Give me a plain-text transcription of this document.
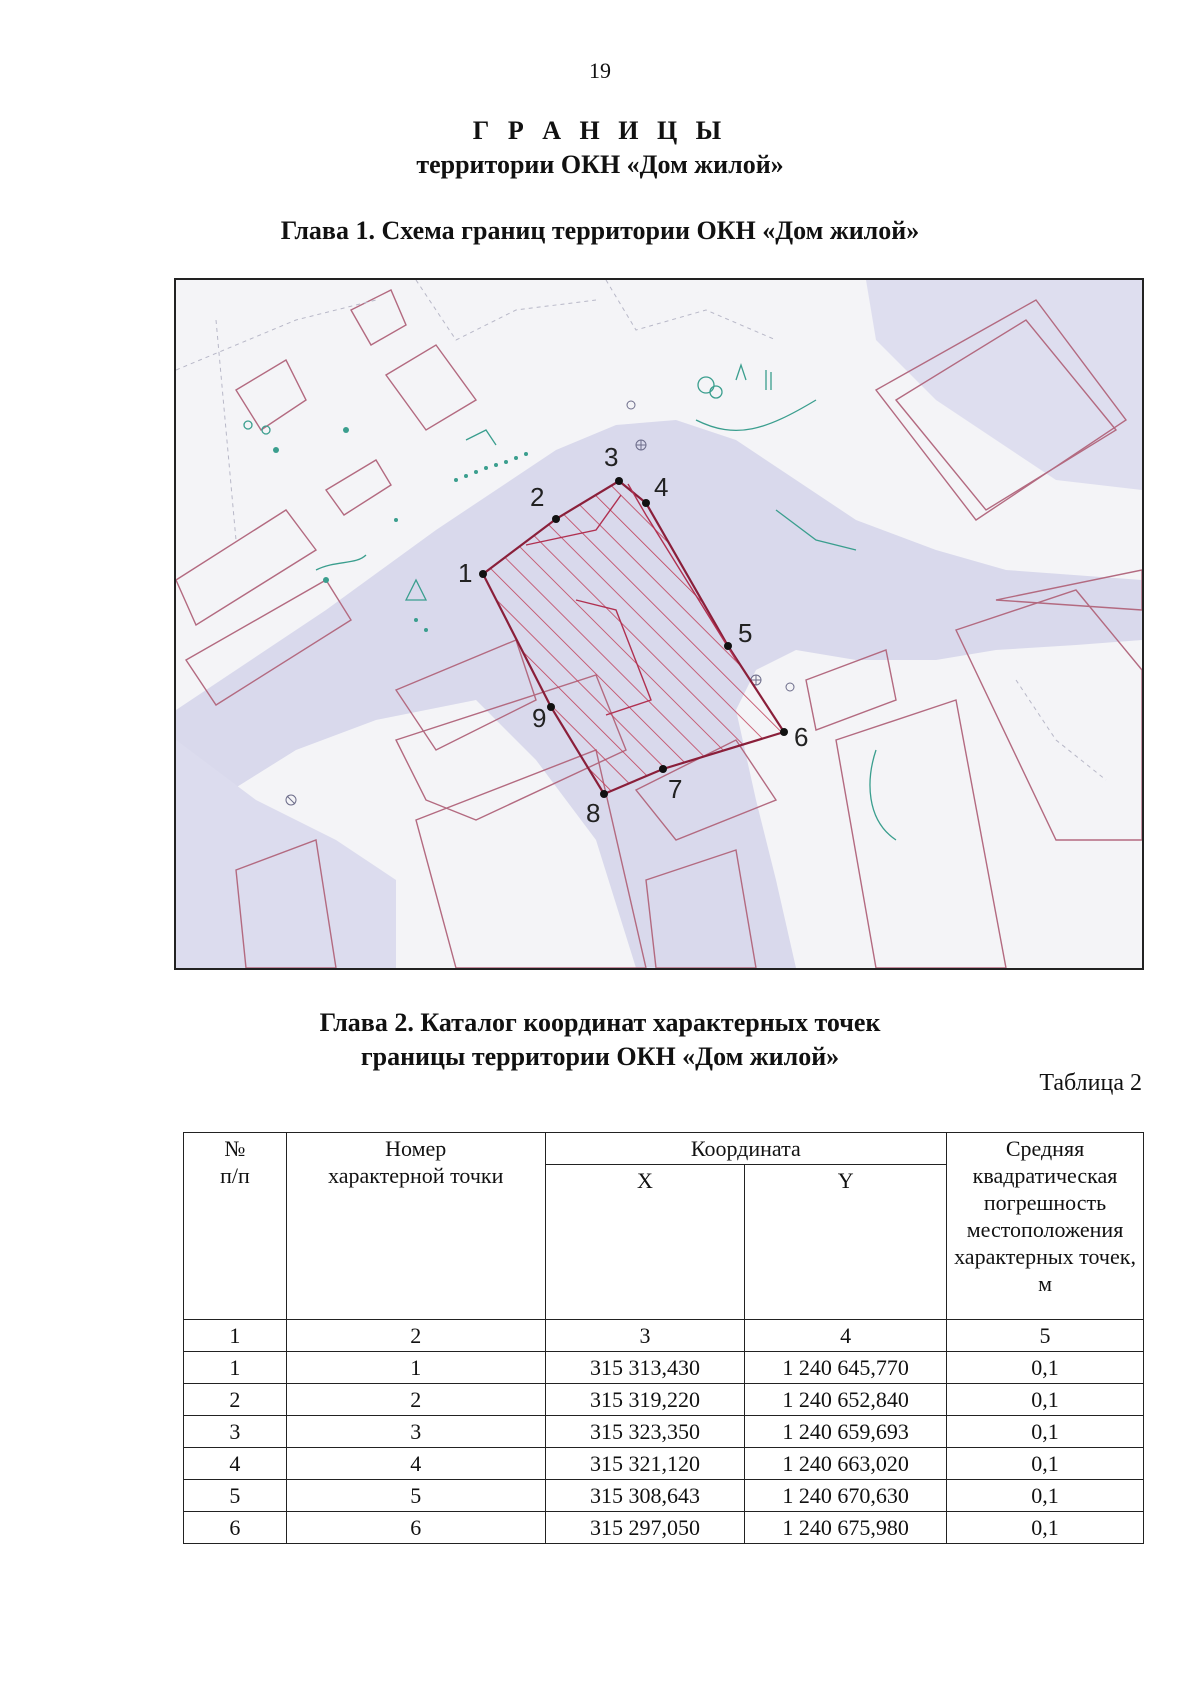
19
Г Р А Н И Ц Ы
территории ОКН «Дом жилой»
Глава 1. Схема границ территории ОКН «Дом жилой»
1
2
3
4
5
6
7
8
9
Глава 2. Каталог координат характерных точек
границы территории ОКН «Дом жилой»
Таблица 2
№
п/п	Номер
характерной точки	Координата		Средняя квадратическая погрешность местоположения характерных точек,
м
		X	Y	
1	2	3	4	5
1	1	315 313,430	1 240 645,770	0,1
2	2	315 319,220	1 240 652,840	0,1
3	3	315 323,350	1 240 659,693	0,1
4	4	315 321,120	1 240 663,020	0,1
5	5	315 308,643	1 240 670,630	0,1
6	6	315 297,050	1 240 675,980	0,1
